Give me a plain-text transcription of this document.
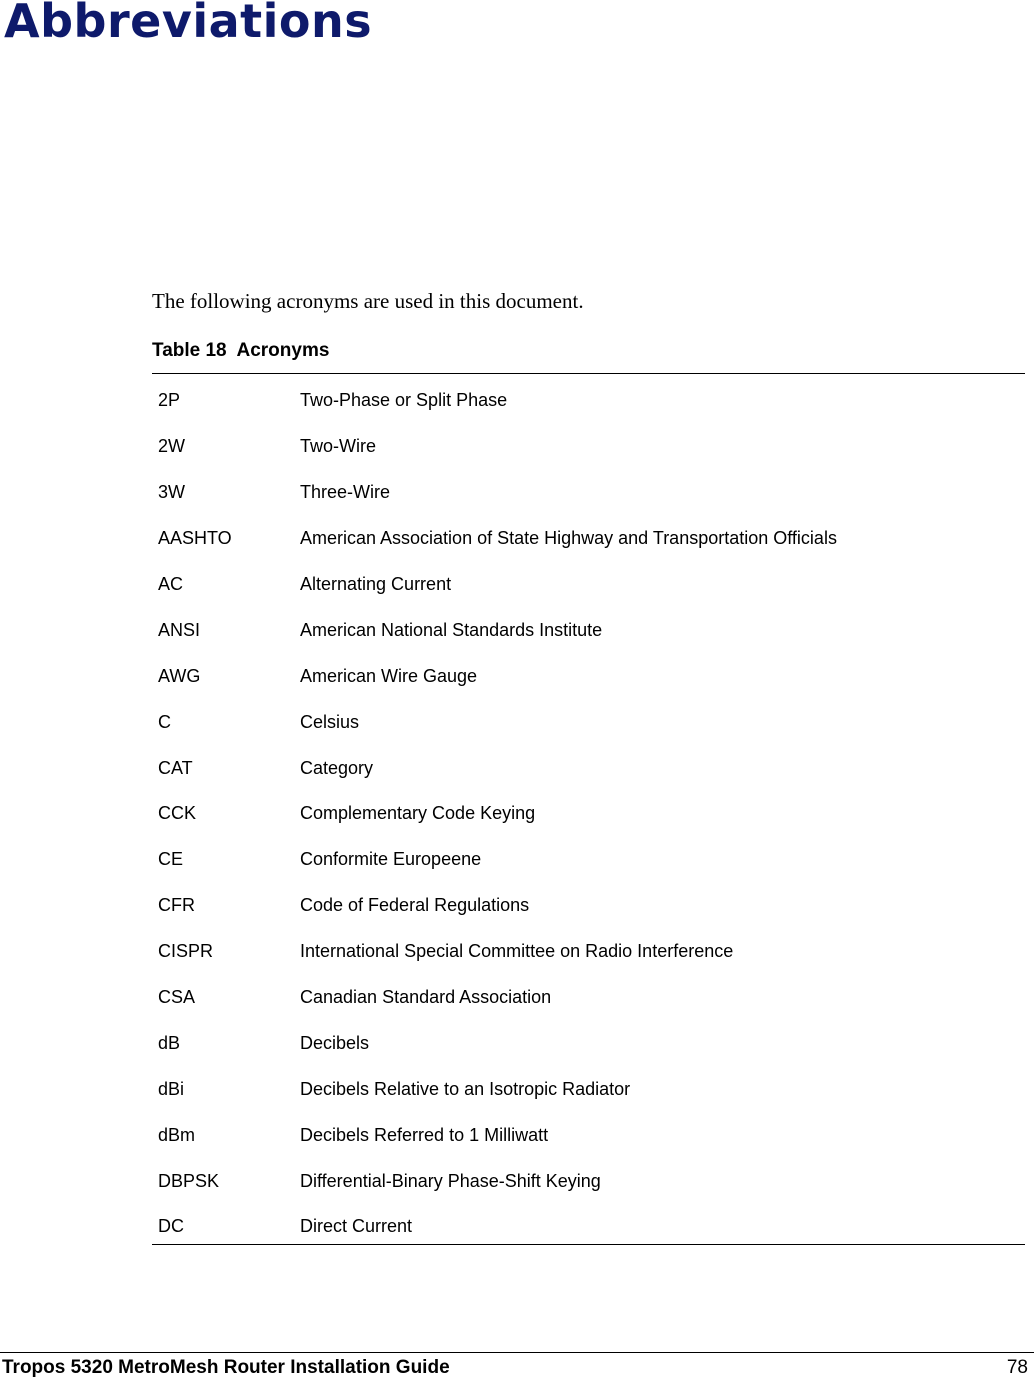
Abbreviations

The following acronyms are used in this document.

Table 18  Acronyms
2P	Two-Phase or Split Phase
2W	Two-Wire
3W	Three-Wire
AASHTO	American Association of State Highway and Transportation Officials
AC	Alternating Current
ANSI	American National Standards Institute
AWG	American Wire Gauge
C	Celsius
CAT	Category
CCK	Complementary Code Keying
CE	Conformite Europeene
CFR	Code of Federal Regulations
CISPR	International Special Committee on Radio Interference
CSA	Canadian Standard Association
dB	Decibels
dBi	Decibels Relative to an Isotropic Radiator
dBm	Decibels Referred to 1 Milliwatt
DBPSK	Differential-Binary Phase-Shift Keying
DC	Direct Current
Tropos 5320 MetroMesh Router Installation Guide	78
